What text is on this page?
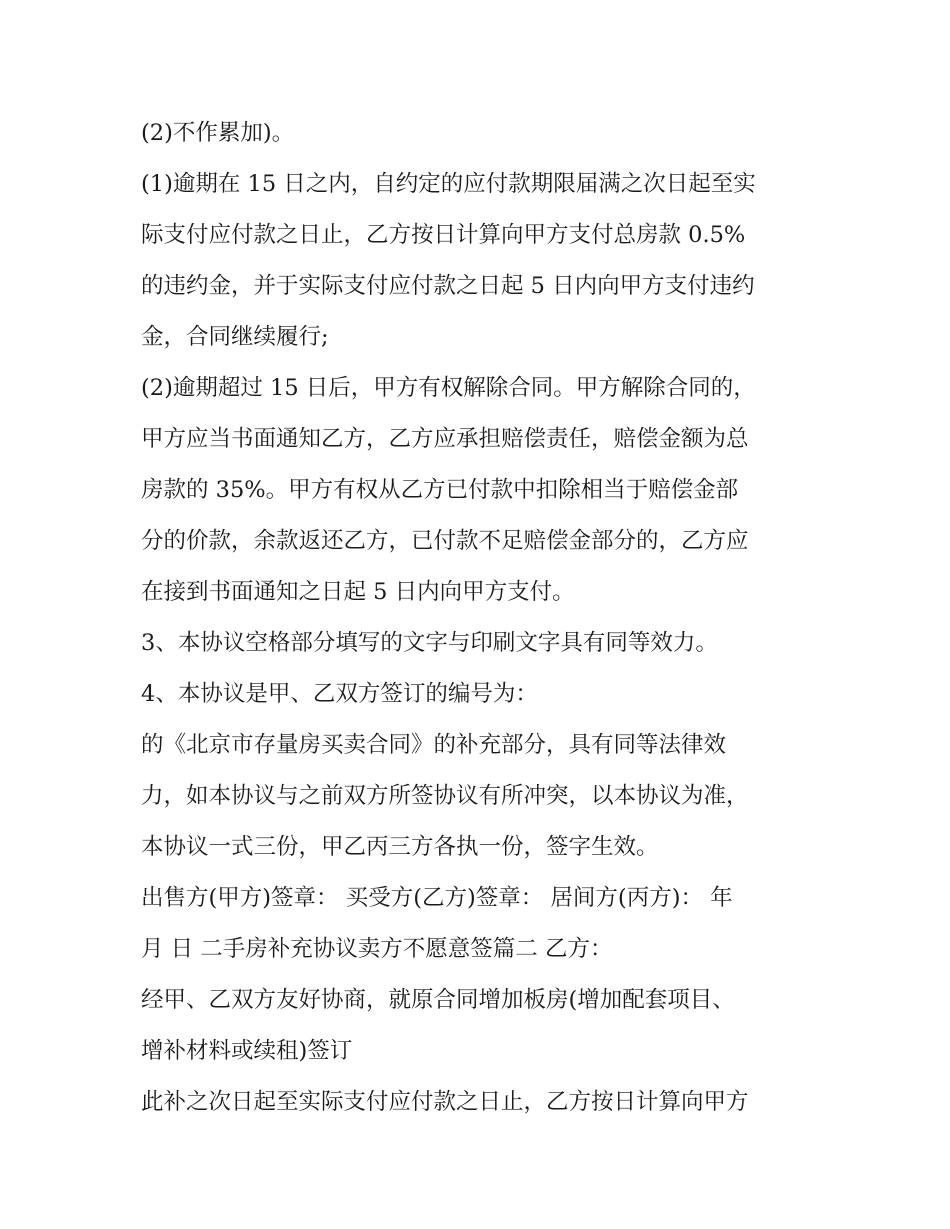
(2)不作累加)。
(1)逾期在 15 日之内，自约定的应付款期限届满之次日起至实
际支付应付款之日止，乙方按日计算向甲方支付总房款 0.5%
的违约金，并于实际支付应付款之日起 5 日内向甲方支付违约
金，合同继续履行;
(2)逾期超过 15 日后，甲方有权解除合同。甲方解除合同的，
甲方应当书面通知乙方，乙方应承担赔偿责任，赔偿金额为总
房款的 35%。甲方有权从乙方已付款中扣除相当于赔偿金部
分的价款，余款返还乙方，已付款不足赔偿金部分的，乙方应
在接到书面通知之日起 5 日内向甲方支付。
3、本协议空格部分填写的文字与印刷文字具有同等效力。
4、本协议是甲、乙双方签订的编号为：
的《北京市存量房买卖合同》的补充部分，具有同等法律效
力，如本协议与之前双方所签协议有所冲突，以本协议为准，
本协议一式三份，甲乙丙三方各执一份，签字生效。
出售方(甲方)签章： 买受方(乙方)签章： 居间方(丙方)： 年
月 日 二手房补充协议卖方不愿意签篇二 乙方：
经甲、乙双方友好协商，就原合同增加板房(增加配套项目、
增补材料或续租)签订
此补之次日起至实际支付应付款之日止，乙方按日计算向甲方
